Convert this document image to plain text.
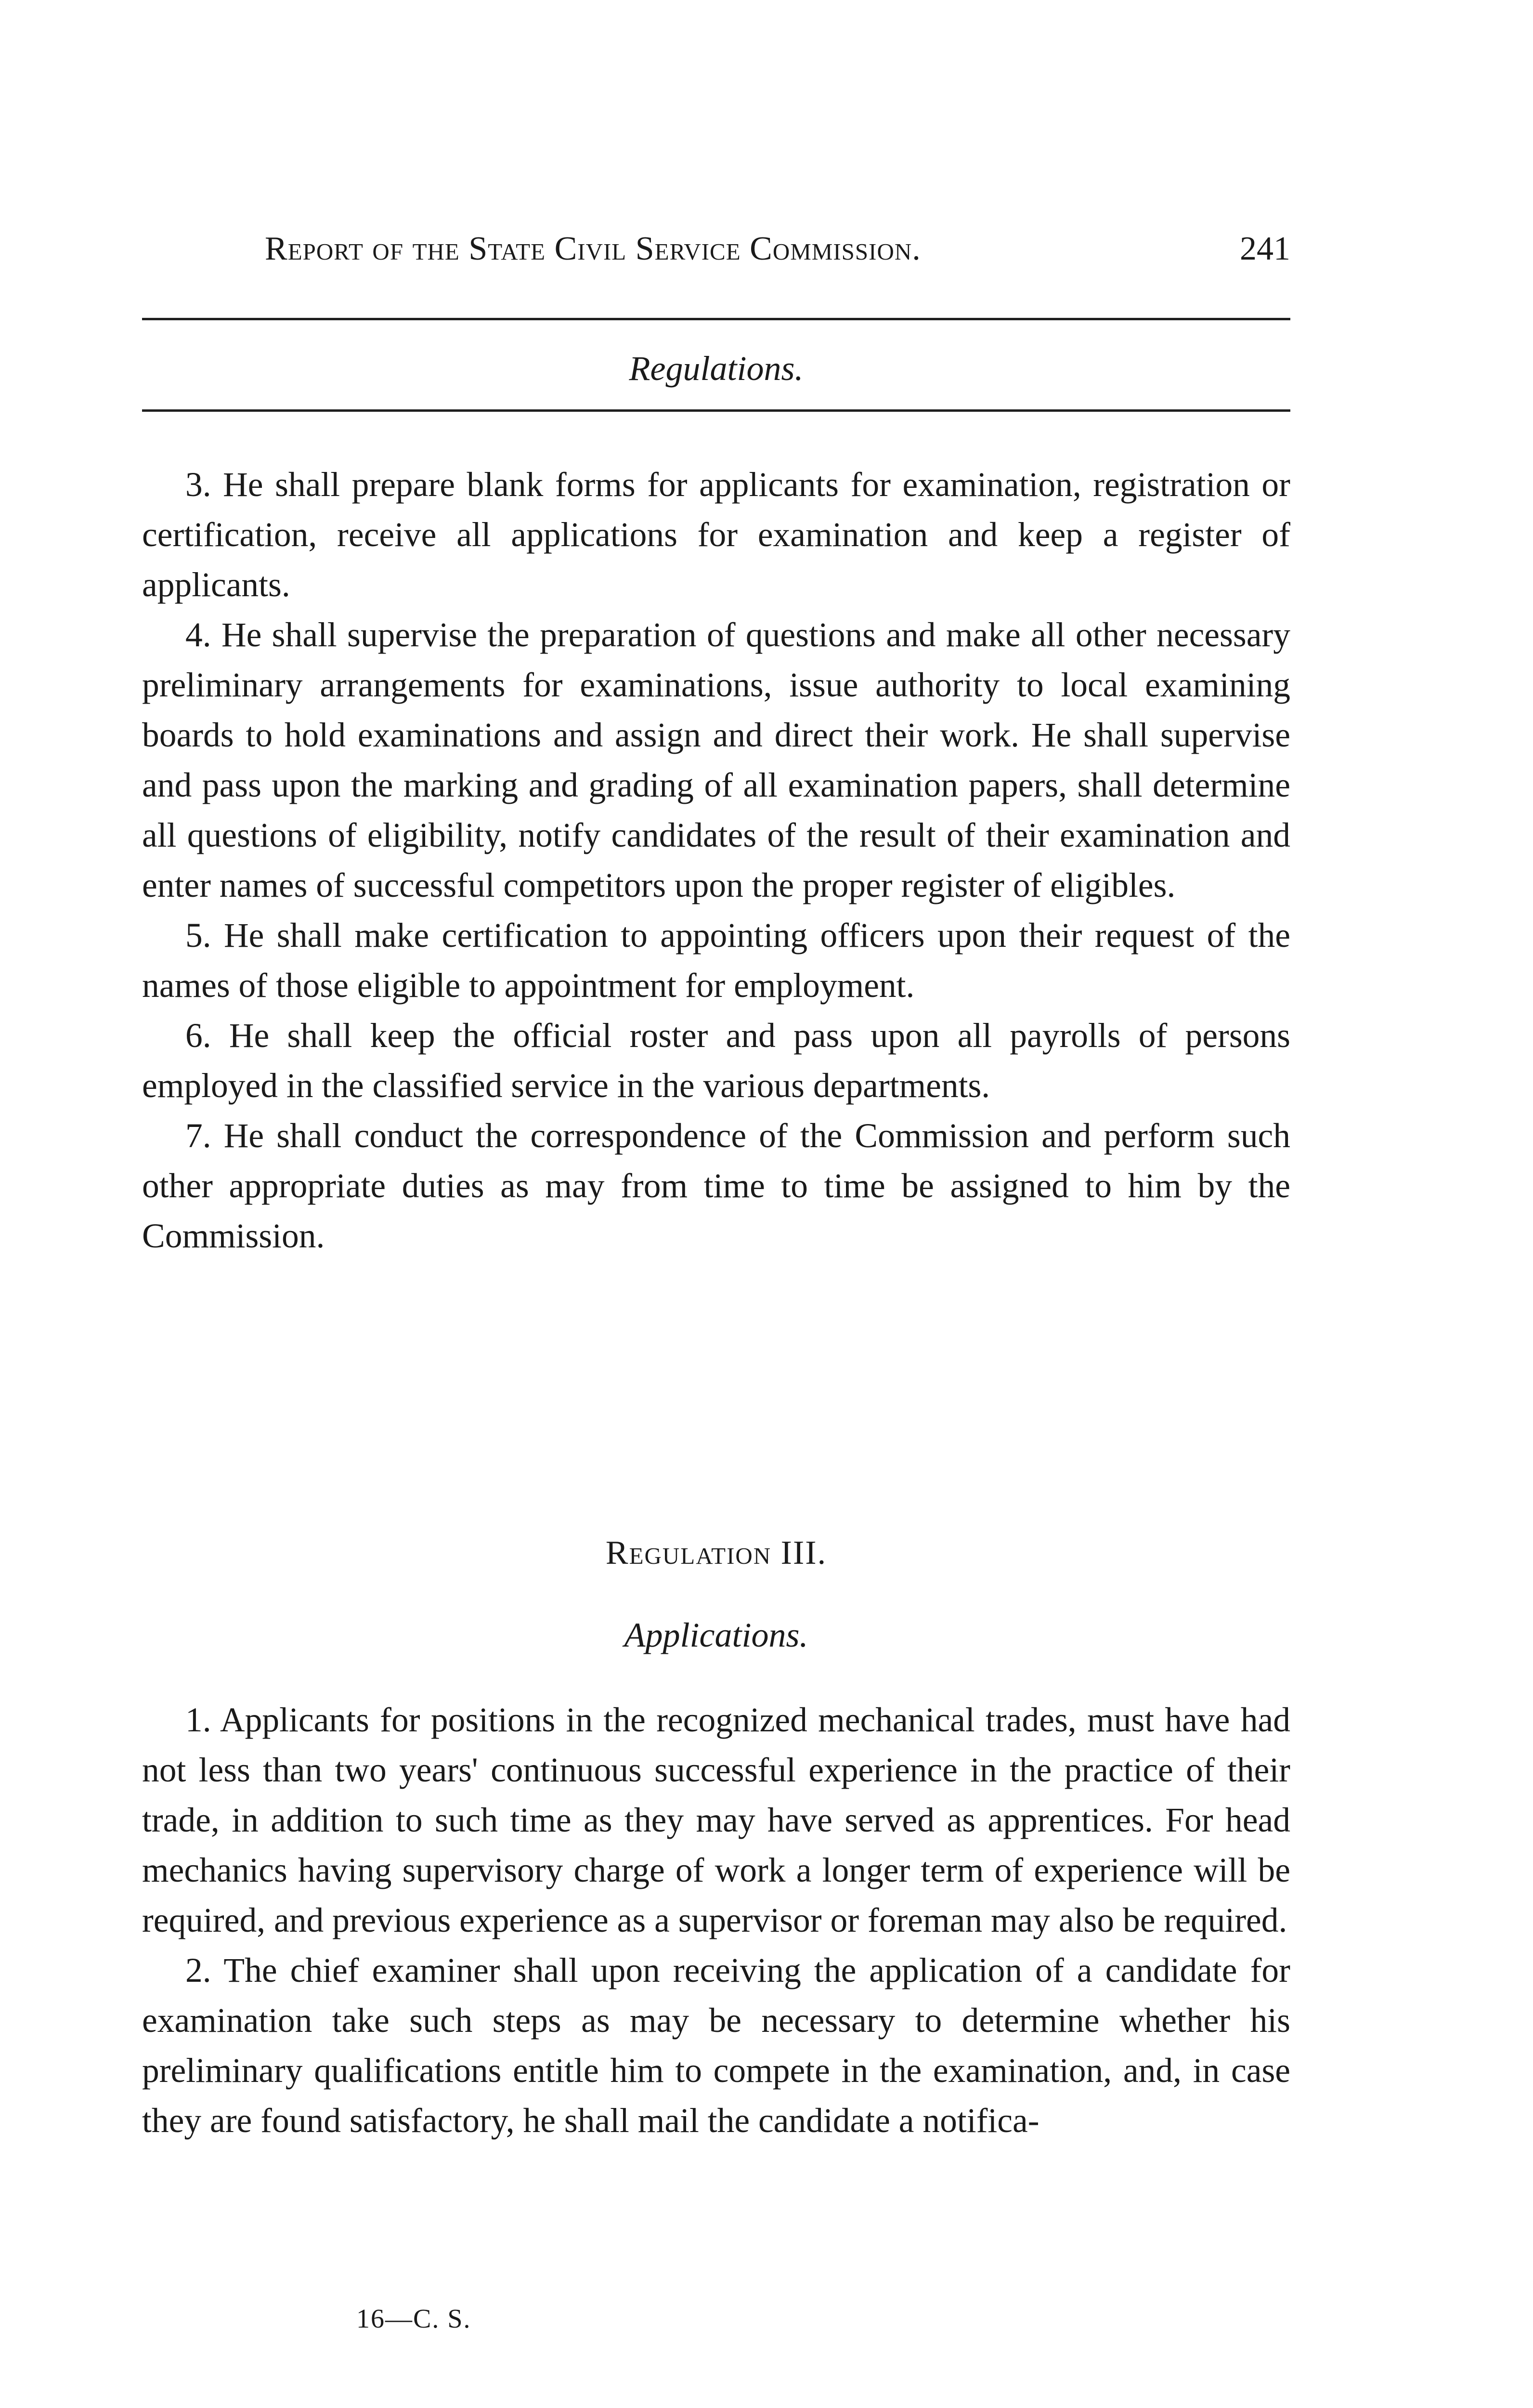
Report of the State Civil Service Commission.	241
Regulations.

3. He shall prepare blank forms for applicants for examination, registration or certification, receive all applications for examination and keep a register of applicants.

4. He shall supervise the preparation of questions and make all other necessary preliminary arrangements for examinations, issue authority to local examining boards to hold examinations and assign and direct their work. He shall supervise and pass upon the marking and grading of all examination papers, shall determine all questions of eligibility, notify candidates of the result of their examination and enter names of successful competitors upon the proper register of eligibles.

5. He shall make certification to appointing officers upon their request of the names of those eligible to appointment for employment.

6. He shall keep the official roster and pass upon all payrolls of persons employed in the classified service in the various departments.

7. He shall conduct the correspondence of the Commission and perform such other appropriate duties as may from time to time be assigned to him by the Commission.

Regulation III.
Applications.

1. Applicants for positions in the recognized mechanical trades, must have had not less than two years' continuous successful experience in the practice of their trade, in addition to such time as they may have served as apprentices. For head mechanics having supervisory charge of work a longer term of experience will be required, and previous experience as a supervisor or foreman may also be required.

2. The chief examiner shall upon receiving the application of a candidate for examination take such steps as may be necessary to determine whether his preliminary qualifications entitle him to compete in the examination, and, in case they are found satisfactory, he shall mail the candidate a notifica-

16—C. S.
